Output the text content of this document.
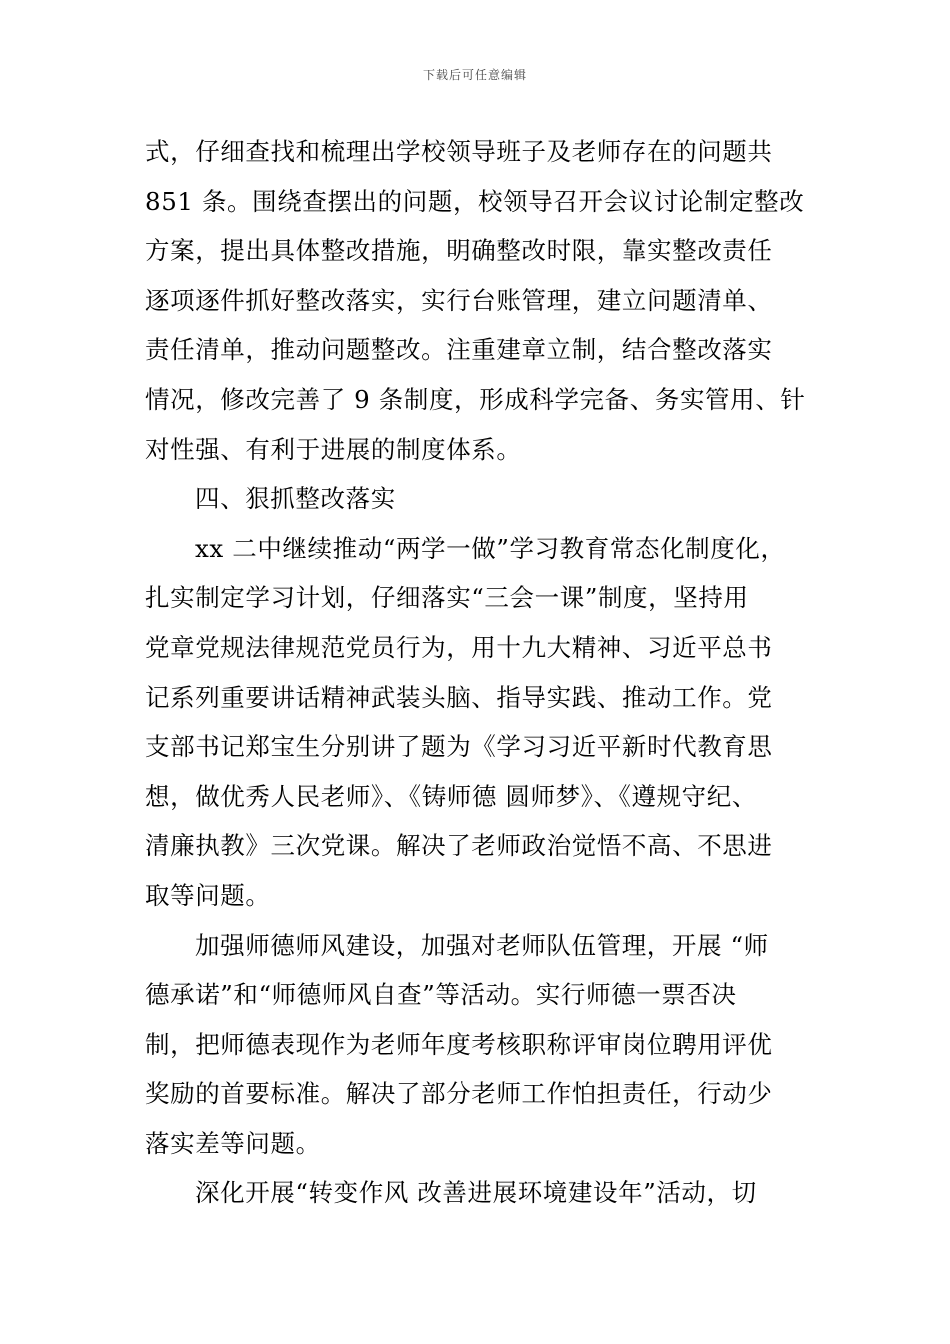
下载后可任意编辑
式，仔细查找和梳理出学校领导班子及老师存在的问题共
851 条。围绕查摆出的问题，校领导召开会议讨论制定整改
方案，提出具体整改措施，明确整改时限，靠实整改责任
逐项逐件抓好整改落实，实行台账管理，建立问题清单、
责任清单，推动问题整改。注重建章立制，结合整改落实
情况，修改完善了 9 条制度，形成科学完备、务实管用、针
对性强、有利于进展的制度体系。
四、狠抓整改落实
xx 二中继续推动“两学一做”学习教育常态化制度化，
扎实制定学习计划，仔细落实“三会一课”制度，坚持用
党章党规法律规范党员行为，用十九大精神、习近平总书
记系列重要讲话精神武装头脑、指导实践、推动工作。党
支部书记郑宝生分别讲了题为《学习习近平新时代教育思
想，做优秀人民老师》、《铸师德 圆师梦》、《遵规守纪、
清廉执教》三次党课。解决了老师政治觉悟不高、不思进
取等问题。
加强师德师风建设，加强对老师队伍管理，开展 “师
德承诺”和“师德师风自查”等活动。实行师德一票否决
制，把师德表现作为老师年度考核职称评审岗位聘用评优
奖励的首要标准。解决了部分老师工作怕担责任，行动少
落实差等问题。
深化开展“转变作风 改善进展环境建设年”活动，切
